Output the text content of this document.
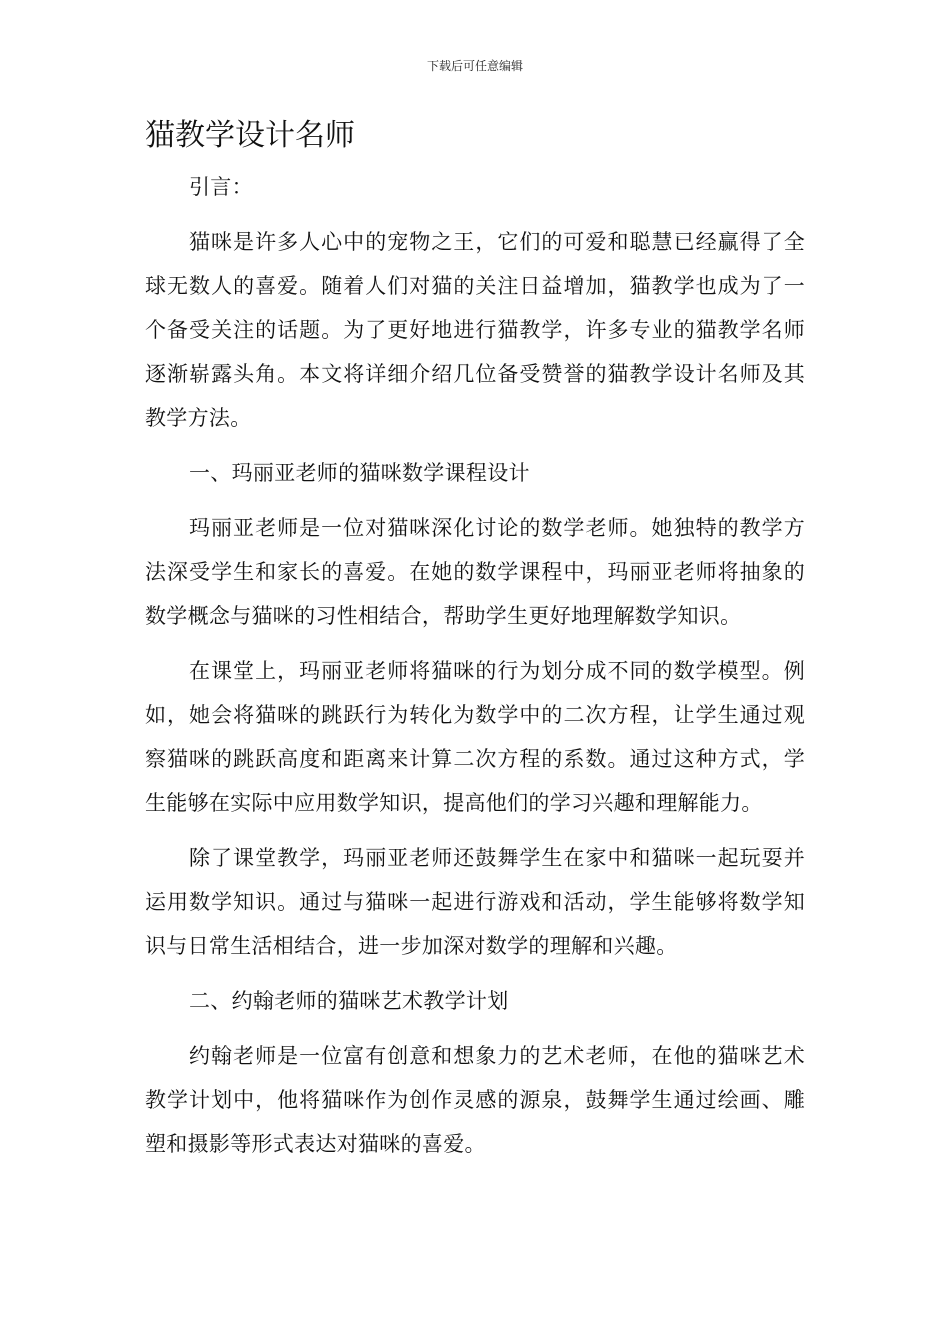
下载后可任意编辑
猫教学设计名师

引言：

猫咪是许多人心中的宠物之王，它们的可爱和聪慧已经赢得了全球无数人的喜爱。随着人们对猫的关注日益增加，猫教学也成为了一个备受关注的话题。为了更好地进行猫教学，许多专业的猫教学名师逐渐崭露头角。本文将详细介绍几位备受赞誉的猫教学设计名师及其教学方法。

一、玛丽亚老师的猫咪数学课程设计

玛丽亚老师是一位对猫咪深化讨论的数学老师。她独特的教学方法深受学生和家长的喜爱。在她的数学课程中，玛丽亚老师将抽象的数学概念与猫咪的习性相结合，帮助学生更好地理解数学知识。

在课堂上，玛丽亚老师将猫咪的行为划分成不同的数学模型。例如，她会将猫咪的跳跃行为转化为数学中的二次方程，让学生通过观察猫咪的跳跃高度和距离来计算二次方程的系数。通过这种方式，学生能够在实际中应用数学知识，提高他们的学习兴趣和理解能力。

除了课堂教学，玛丽亚老师还鼓舞学生在家中和猫咪一起玩耍并运用数学知识。通过与猫咪一起进行游戏和活动，学生能够将数学知识与日常生活相结合，进一步加深对数学的理解和兴趣。

二、约翰老师的猫咪艺术教学计划

约翰老师是一位富有创意和想象力的艺术老师，在他的猫咪艺术教学计划中，他将猫咪作为创作灵感的源泉，鼓舞学生通过绘画、雕塑和摄影等形式表达对猫咪的喜爱。
